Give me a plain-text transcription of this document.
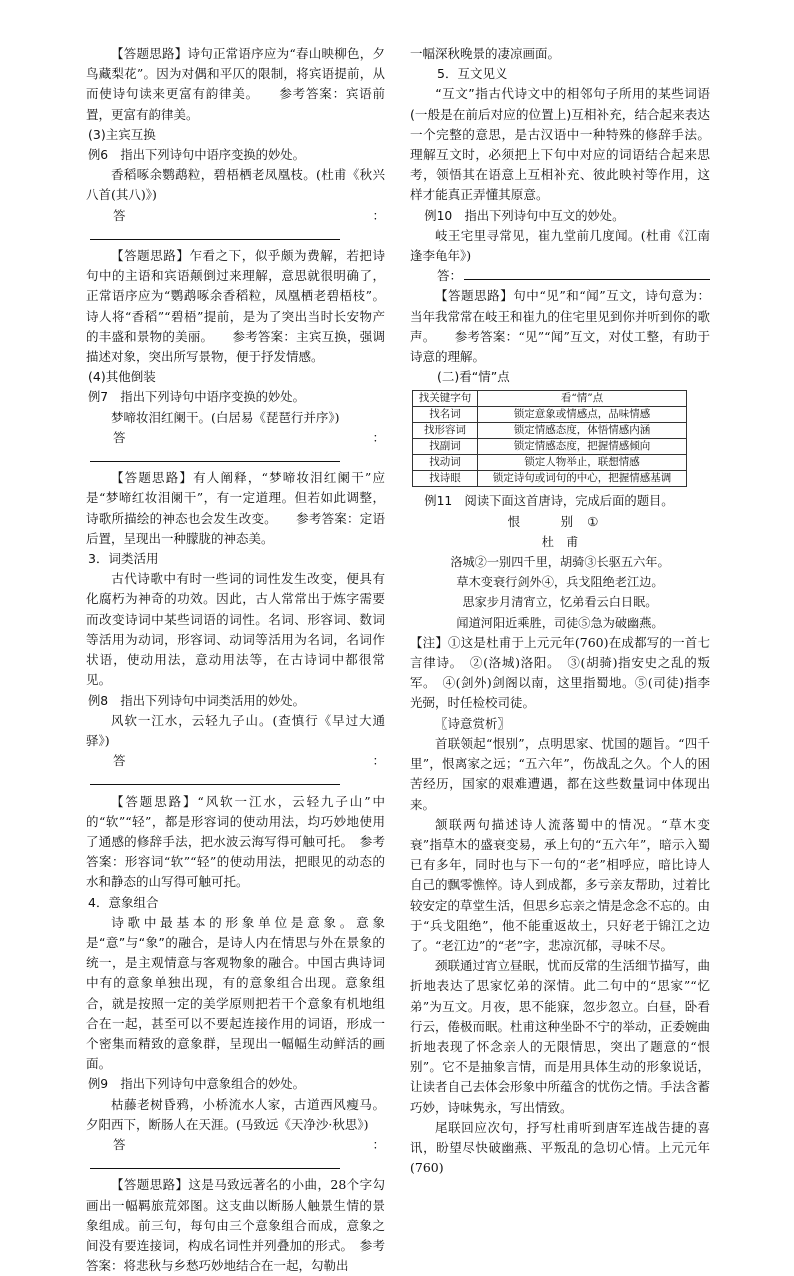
【答题思路】诗句正常语序应为“春山映柳色，夕鸟藏梨花”。因为对偶和平仄的限制，将宾语提前，从而使诗句读来更富有韵律美。　　参考答案：宾语前置，更富有韵律美。

(3)主宾互换

例6　指出下列诗句中语序变换的妙处。

香稻啄余鹦鹉粒，碧梧栖老凤凰枝。(杜甫《秋兴八首(其八)》)

答：

【答题思路】乍看之下，似乎颇为费解，若把诗句中的主语和宾语颠倒过来理解，意思就很明确了，正常语序应为“鹦鹉啄余香稻粒，凤凰栖老碧梧枝”。诗人将“香稻”“碧梧”提前，是为了突出当时长安物产的丰盛和景物的美丽。　　参考答案：主宾互换，强调描述对象，突出所写景物，便于抒发情感。

(4)其他倒装

例7　指出下列诗句中语序变换的妙处。

梦啼妆泪红阑干。(白居易《琵琶行并序》)

答：

【答题思路】有人阐释，“梦啼妆泪红阑干”应是“梦啼红妆泪阑干”，有一定道理。但若如此调整，诗歌所描绘的神态也会发生改变。　　参考答案：定语后置，呈现出一种朦胧的神态美。

3．词类活用

古代诗歌中有时一些词的词性发生改变，便具有化腐朽为神奇的功效。因此，古人常常出于炼字需要而改变诗词中某些词语的词性。名词、形容词、数词等活用为动词，形容词、动词等活用为名词，名词作状语，使动用法，意动用法等，在古诗词中都很常见。

例8　指出下列诗句中词类活用的妙处。

风软一江水，云轻九子山。(查慎行《早过大通驿》)

答：

【答题思路】“风软一江水，云轻九子山”中的“软”“轻”，都是形容词的使动用法，均巧妙地使用了通感的修辞手法，把水波云海写得可触可托。　参考答案：形容词“软”“轻”的使动用法，把眼见的动态的水和静态的山写得可触可托。

4．意象组合

诗歌中最基本的形象单位是意象。意象是“意”与“象”的融合，是诗人内在情思与外在景象的统一，是主观情意与客观物象的融合。中国古典诗词中有的意象单独出现，有的意象组合出现。意象组合，就是按照一定的美学原则把若干个意象有机地组合在一起，甚至可以不要起连接作用的词语，形成一个密集而精致的意象群，呈现出一幅幅生动鲜活的画面。

例9　指出下列诗句中意象组合的妙处。

枯藤老树昏鸦，小桥流水人家，古道西风瘦马。夕阳西下，断肠人在天涯。(马致远《天净沙·秋思》)

答：

【答题思路】这是马致远著名的小曲，28个字勾画出一幅羁旅荒郊图。这支曲以断肠人触景生情的景象组成。前三句，每句由三个意象组合而成，意象之间没有要连接词，构成名词性并列叠加的形式。　参考答案：将悲秋与乡愁巧妙地结合在一起，勾勒出

一幅深秋晚景的凄凉画面。

　　5．互文见义

“互文”指古代诗文中的相邻句子所用的某些词语(一般是在前后对应的位置上)互相补充，结合起来表达一个完整的意思，是古汉语中一种特殊的修辞手法。理解互文时，必须把上下句中对应的词语结合起来思考，领悟其在语意上互相补充、彼此映衬等作用，这样才能真正弄懂其原意。

　例10　指出下列诗句中互文的妙处。

岐王宅里寻常见，崔九堂前几度闻。(杜甫《江南逢李龟年》)

答：

【答题思路】句中“见”和“闻”互文，诗句意为：当年我常常在岐王和崔九的住宅里见到你并听到你的歌声。　　参考答案：“见”“闻”互文，对仗工整，有助于诗意的理解。

　　(二)看“情”点

找关键字句	看“情”点
找名词	锁定意象或情感点，品味情感
找形容词	锁定情感态度，体悟情感内涵
找副词	锁定情感态度，把握情感倾向
找动词	锁定人物举止，联想情感
找诗眼	锁定诗句或词句的中心，把握情感基调

　例11　阅读下面这首唐诗，完成后面的题目。

恨　别①

杜　甫

洛城②一别四千里，胡骑③长驱五六年。

草木变衰行剑外④，兵戈阻绝老江边。

思家步月清宵立，忆弟看云白日眠。

闻道河阳近乘胜，司徒⑤急为破幽燕。

【注】①这是杜甫于上元元年(760)在成都写的一首七言律诗。　②(洛城)洛阳。　③(胡骑)指安史之乱的叛军。　④(剑外)剑阁以南，这里指蜀地。⑤(司徒)指李光弼，时任检校司徒。

〖诗意赏析〗

首联领起“恨别”，点明思家、忧国的题旨。“四千里”，恨离家之远；“五六年”，伤战乱之久。个人的困苦经历，国家的艰难遭遇，都在这些数量词中体现出来。

颔联两句描述诗人流落蜀中的情况。“草木变衰”指草木的盛衰变易，承上句的“五六年”，暗示入蜀已有多年，同时也与下一句的“老”相呼应，暗比诗人自己的飘零憔悴。诗人到成都，多亏亲友帮助，过着比较安定的草堂生活，但思乡忘亲之情是念念不忘的。由于“兵戈阻绝”，他不能重返故土，只好老于锦江之边了。“老江边”的“老”字，悲凉沉郁，寻味不尽。

颈联通过宵立昼眠，忧而反常的生活细节描写，曲折地表达了思家忆弟的深情。此二句中的“思家”“忆弟”为互文。月夜，思不能寐，忽步忽立。白昼，卧看行云，倦极而眠。杜甫这种坐卧不宁的举动，正委婉曲折地表现了怀念亲人的无限情思，突出了题意的“恨别”。它不是抽象言情，而是用具体生动的形象说话，让读者自己去体会形象中所蕴含的忧伤之情。手法含蓄巧妙，诗味隽永，写出情致。

尾联回应次句，抒写杜甫听到唐军连战告捷的喜讯，盼望尽快破幽燕、平叛乱的急切心情。上元元年(760)
